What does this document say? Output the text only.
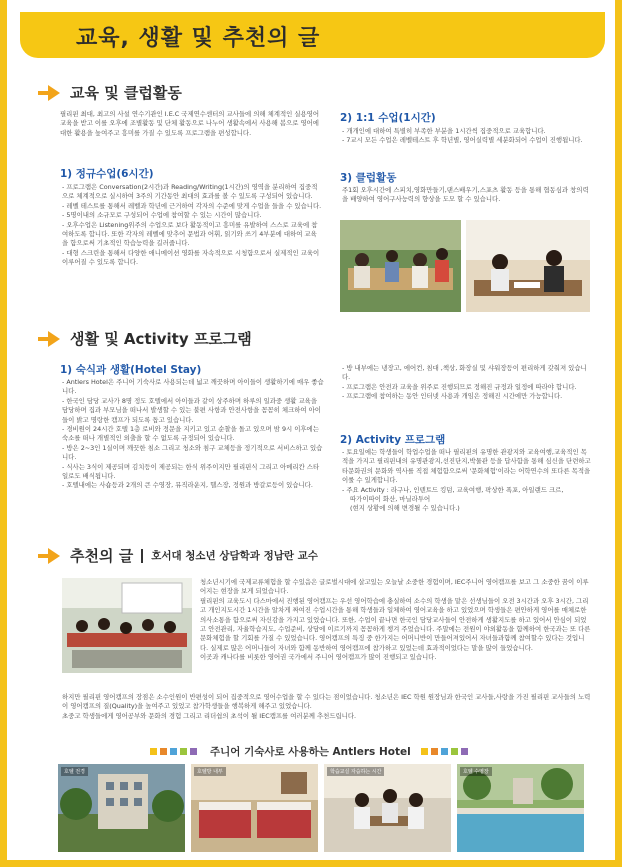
교육, 생활 및 추천의 글
교육 및 클럽활동

필리핀 최대, 최고의 사설 연수기관인 I.E.C 국제연수센터의 교사들에 의해 체계적인 실용영어 교육을 받고 이를 오후에 조별활동 및 단체 활동으로 나누어 생활속에서 사용해 봄으로 영어에 대한 활용을 높여주고 흥미를 가질 수 있도록 프로그램을 편성합니다.

1) 정규수업(6시간)

- 프로그램은 Conversation(2시간)과 Reading/Writing(1시간)의 영역을 분리하여 집중적으로 체계적으로 실시하여 3주의 기간동안 최대의 효과를 볼 수 있도록 구성되어 있습니다.

- 레벨 테스트를 통해서 레벨과 학년에 근거하여 각자의 수준에 맞게 수업을 들을 수 있습니다.

- 5명이내의 소규모로 구성되어 수업에 참여할 수 있는 시간이 많습니다.

- 오후수업은 Listening위주의 수업으로 보다 활동적이고 흥미를 유발하여 스스로 교육에 참여하도록 합니다. 또한 각자의 레벨에 맞추어 문법과 어휘, 읽기와 쓰기 4부분에 대하여 교육을 함으로써 기초적인 학습능력을 길러줍니다.

- 대형 스크린을 통해서 다양한 애니메이션 영화를 자속적으로 시청함으로서 실제적인 교육이 이루어질 수 있도록 합니다.

2) 1:1 수업(1시간)

- 개개인에 대하여 특별히 부족한 부분을 1시간씩 집중적으로 교육합니다.

- 7교시 모든 수업은 레벨테스트 후 학년별, 영어실력별 세분화되어 수업이 진행됩니다.

3) 클럽활동

주1회 오후시간에 스피치,영화만들기,댄스배우기,스포츠 활동 등을 통해 협동심과 창의력을 배양하여 영어구사능력의 향상을 도모 할 수 있습니다.

생활 및 Activity 프로그램
1) 숙식과 생활(Hotel Stay)

- Antlers Hotel은 주니어 기숙사로 사용되는데 넓고 깨끗하며 아이들이 생활하기에 매우 좋습니다.

- 한국인 담당 교사가 8명 정도 호텔에서 아이들과 같이 상주하며 하루의 일과중 생활 교육을 담당하며 집과 부모님을 떠나서 발생할 수 있는 불편 사항과 안전사항을 꼼꼼히 체크하여 아이들이 밝고 명랑한 캠프가 되도록 돕고 있습니다.

- 경비원이 24시간 호텔 1층 로비와 정문을 지키고 있고 순찰을 돌고 있으며 밤 9시 이후에는 숙소를 떠나 개별적인 외출을 할 수 없도록 규정되어 있습니다.

- 방은 2~3인 1실이며 깨끗한 침소 그리고 청소와 침구 교체등을 정기적으로 서비스하고 있습니다.

- 식사는 3식이 제공되며 김치등이 제공되는 한식 위주이지만 필리핀식 그리고 아메리칸 스타일로도 배식됩니다.

- 호텔내에는 사숍등과 2개의 큰 수영장, 뮤직라운지, 헬스장, 정원과 방갈로등이 있습니다.

- 방 내부에는 냉장고, 에어컨, 침대 ,책상, 화장실 및 샤워장등이 편리하게 갖춰져 있습니다.

- 프로그램은 안전과 교육을 위주로 진행되므로 정해진 규정과 일정에 따라야 합니다.

- 프로그램에 참여하는 동안 인터넷 사용과 개임은 정해진 시간에만 가능합니다.

2) Activity 프로그램

- 토요일에는 학생들이 학업수업을 떠나 필리핀의 유명한 관광지와 교육여행,교육적인 목적을 가지고 필리핀내의 유명관광지,선진단지,박물관 등을 답사함을 통해 심신을 단련하고 타문화권의 문화와 역사를 직접 체험함으로써 '문화체험'이라는 어학연수의 또다른 목적을 이룰 수 있게합니다.

- 주요 Activity : 라구나, 인텐트드 킹덤, 교육여행, 팍상한 폭포, 아일랜드 크르,

따가이따이 화산, 마닐라투어

(현지 상황에 의해 변경될 수 있습니다.)

추천의 글 호서대 청소년 상담학과 정남란 교수

청소년시기에 국제교류체험을 할 수있음은 글로벌시대에 살고있는 오늘날 소중한 경험이며, IEC주니어 영어캠프를 보고 그 소중한 꿈이 이루어지는 현장을 보게 되었습니다.

필리핀의 교육도시 다스마에서 진행된 영어캠프는 우선 영어학습에 충실하여 소수의 학생을 맡은 선생님들이 오전 3시간과 오후 3시간, 그리고 개인지도시간 1시간을 알차게 짜여진 수업시간을 통해 학생들과 일체하여 영어교육을 하고 있었으며 학생들은 편안하게 영어를 매체로한 의사소통을 함으로써 자신감을 가지고 있었습니다. 또한, 수업이 끝나면 한국인 담당교사들이 안전하게 생활지도를 하고 있어서 안심이 되었고 안전관리, 자율학습지도, 수업준비, 상담에 이르기까지 꼼꼼하게 챙겨 주었습니다. 주말에는 전원이 야외활동을 함께하여 한국과는 또 다른 문화체험을 할 기회를 가질 수 있었습니다. 영어캠프의 특징 중 한가지는 어머니반이 만들어져있어서 자녀들과함께 참여할수 있다는 것입니다. 실제로 많은 어머니들이 자녀와 함께 동반하여 영어캠프에 참가하고 있었는데 효과적이었다는 말을 많이 들었습니다.

이곳과 캐나다를 비롯한 영어권 국가에서 주니어 영어캠프가 많이 진행되고 있습니다.

하지만 필리핀 영어캠프의 장점은 소수인원이 반편성이 되어 집중적으로 영어수업을 할 수 있다는 점이었습니다. 청소년은 IEC 학원 원장님과 한국인 교사들,사랑을 가진 필리핀 교사들의 노력이 영어캠프의 질(Quality)을 높여주고 있었고 참가학생들을 행복하게 해주고 있었습니다.

초중고 학생들에게 영어공부와 문화의 경험 그리고 리더쉽의 초석이 될 IEC캠프를 여러분께 추천드립니다.

주니어 기숙사로 사용하는 Antlers Hotel
호텔 전경	호텔방 내부	학습교실 자습하는 시간	호텔 수영장
